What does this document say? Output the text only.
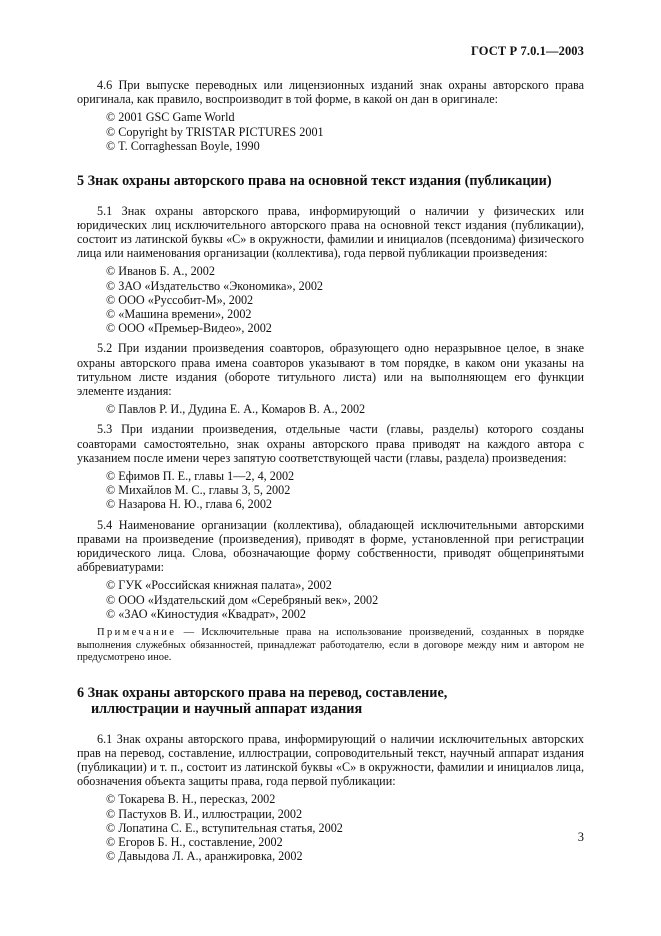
ГОСТ Р 7.0.1—2003

4.6 При выпуске переводных или лицензионных изданий знак охраны авторского права оригинала, как правило, воспроизводит в той форме, в какой он дан в оригинале:

© 2001 GSC Game World
© Copyright by TRISTAR PICTURES 2001
© T. Corraghessan Boyle, 1990

5 Знак охраны авторского права на основной текст издания (публикации)

5.1 Знак охраны авторского права, информирующий о наличии у физических или юридических лиц исключительного авторского права на основной текст издания (публикации), состоит из латинской буквы «С» в окружности, фамилии и инициалов (псевдонима) физического лица или наименования организации (коллектива), года первой публикации произведения:

© Иванов Б. А., 2002
© ЗАО «Издательство «Экономика», 2002
© ООО «Руссобит-М», 2002
© «Машина времени», 2002
© ООО «Премьер-Видео», 2002

5.2 При издании произведения соавторов, образующего одно неразрывное целое, в знаке охраны авторского права имена соавторов указывают в том порядке, в каком они указаны на титульном листе издания (обороте титульного листа) или на выполняющем его функции элементе издания:

© Павлов Р. И., Дудина Е. А., Комаров В. А., 2002

5.3 При издании произведения, отдельные части (главы, разделы) которого созданы соавторами самостоятельно, знак охраны авторского права приводят на каждого автора с указанием после имени через запятую соответствующей части (главы, раздела) произведения:

© Ефимов П. Е., главы 1—2, 4, 2002
© Михайлов М. С., главы 3, 5, 2002
© Назарова Н. Ю., глава 6, 2002

5.4 Наименование организации (коллектива), обладающей исключительными авторскими правами на произведение (произведения), приводят в форме, установленной при регистрации юридического лица. Слова, обозначающие форму собственности, приводят общепринятыми аббревиатурами:

© ГУК «Российская книжная палата», 2002
© ООО «Издательский дом «Серебряный век», 2002
© «ЗАО «Киностудия «Квадрат», 2002

Примечание — Исключительные права на использование произведений, созданных в порядке выполнения служебных обязанностей, принадлежат работодателю, если в договоре между ним и автором не предусмотрено иное.

6 Знак охраны авторского права на перевод, составление,

иллюстрации и научный аппарат издания

6.1 Знак охраны авторского права, информирующий о наличии исключительных авторских прав на перевод, составление, иллюстрации, сопроводительный текст, научный аппарат издания (публикации) и т. п., состоит из латинской буквы «С» в окружности, фамилии и инициалов лица, обозначения объекта защиты права, года первой публикации:

© Токарева В. Н., пересказ, 2002
© Пастухов В. И., иллюстрации, 2002
© Лопатина С. Е., вступительная статья, 2002
© Егоров Б. Н., составление, 2002
© Давыдова Л. А., аранжировка, 2002
3
